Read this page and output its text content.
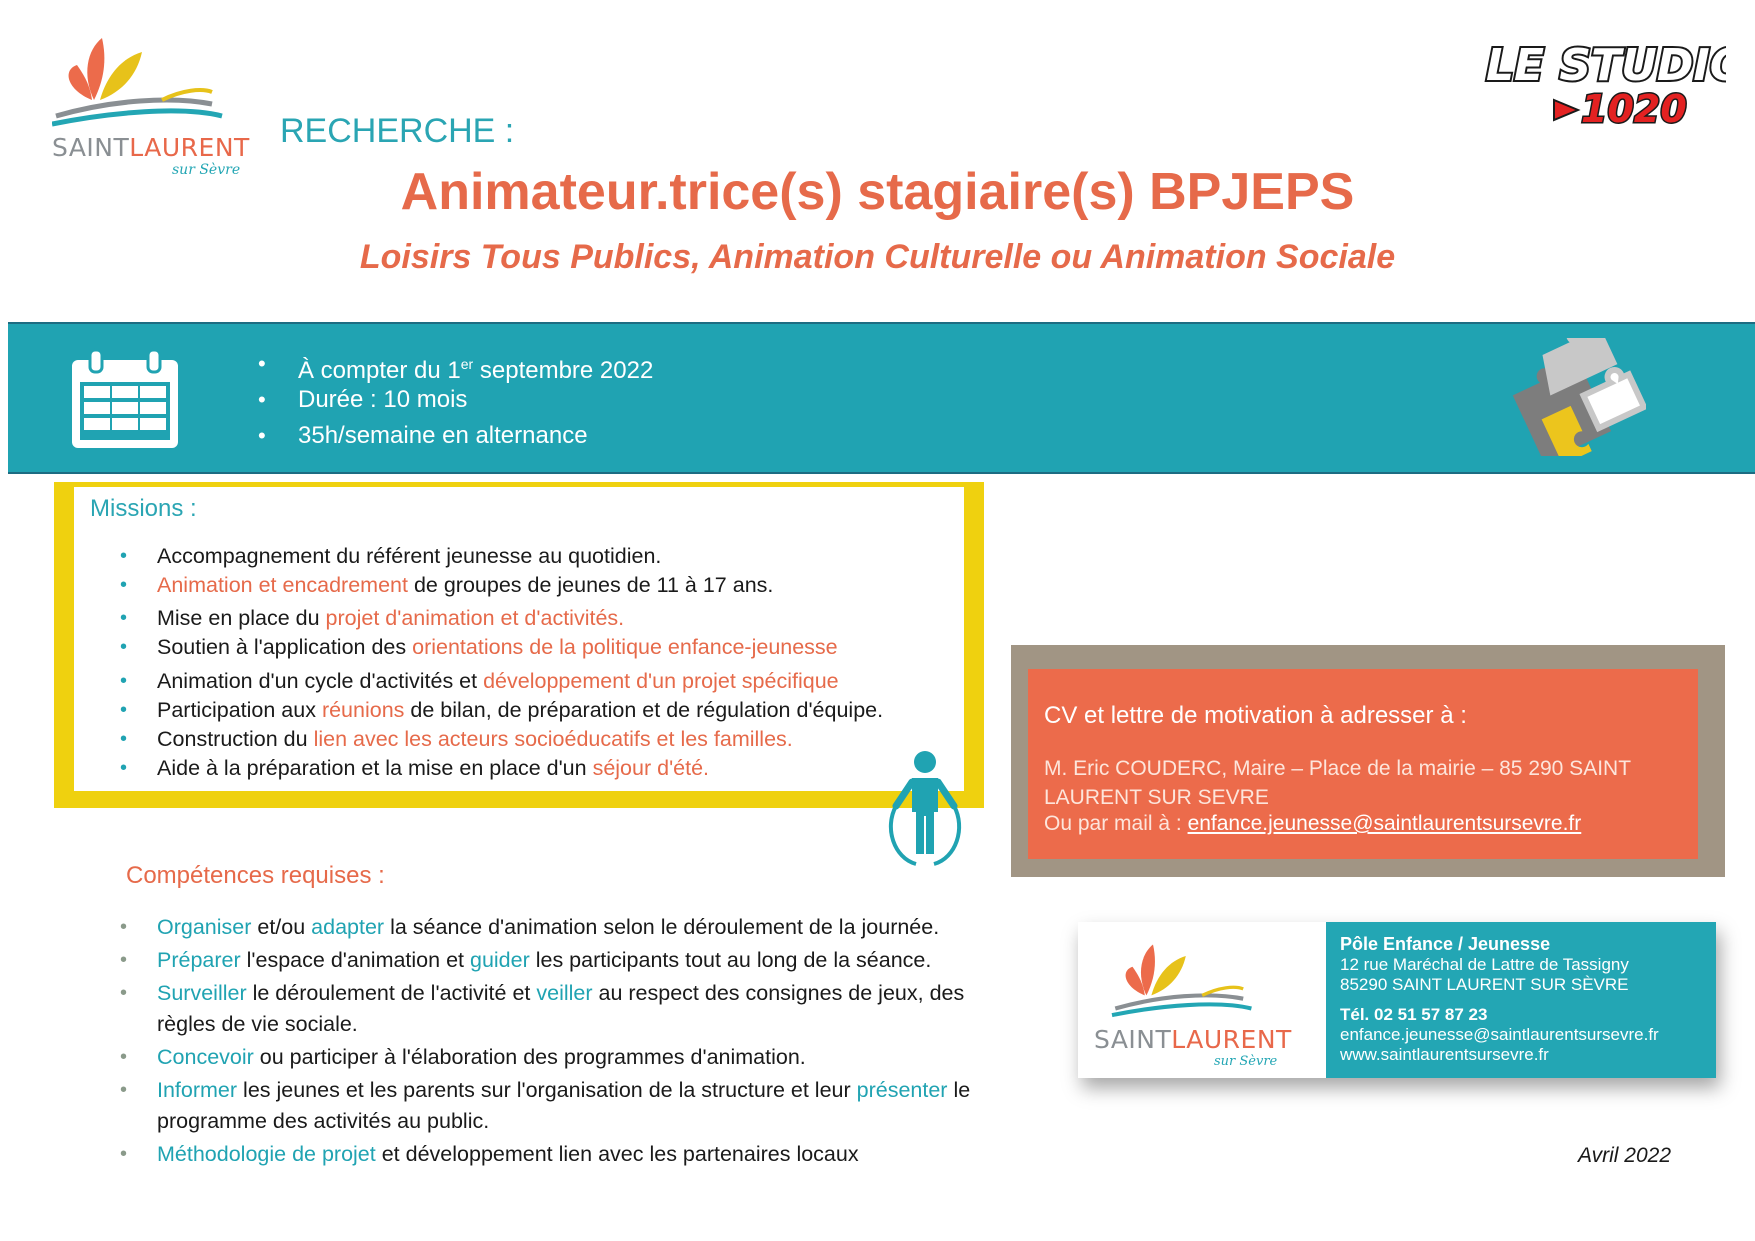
SAINTLAURENT
sur Sèvre
LE STUDIO
1020
RECHERCHE :
Animateur.trice(s) stagiaire(s) BPJEPS
Loisirs Tous Publics, Animation Culturelle ou Animation Sociale
• À compter du 1er septembre 2022
• Durée : 10 mois
• 35h/semaine en alternance
Missions :
• Accompagnement du référent jeunesse au quotidien.
• Animation et encadrement de groupes de jeunes de 11 à 17 ans.
• Mise en place du projet d'animation et d'activités.
• Soutien à l'application des orientations de la politique enfance-jeunesse
• Animation d'un cycle d'activités et développement d'un projet spécifique
• Participation aux réunions de bilan, de préparation et de régulation d'équipe.
• Construction du lien avec les acteurs socioéducatifs et les familles.
• Aide à la préparation et la mise en place d'un séjour d'été.
Compétences requises :
• Organiser et/ou adapter la séance d'animation selon le déroulement de la journée.
• Préparer l'espace d'animation et guider les participants tout au long de la séance.
• Surveiller le déroulement de l'activité et veiller au respect des consignes de jeux, des règles de vie sociale.
• Concevoir ou participer à l'élaboration des programmes d'animation.
• Informer les jeunes et les parents sur l'organisation de la structure et leur présenter le programme des activités au public.
• Méthodologie de projet et développement lien avec les partenaires locaux
CV et lettre de motivation à adresser à :
M. Eric COUDERC, Maire – Place de la mairie – 85 290 SAINT LAURENT SUR SEVRE
Ou par mail à : enfance.jeunesse@saintlaurentsursevre.fr
SAINTLAURENT
sur Sèvre
Pôle Enfance / Jeunesse
12 rue Maréchal de Lattre de Tassigny
85290 SAINT LAURENT SUR SÈVRE
Tél. 02 51 57 87 23
enfance.jeunesse@saintlaurentsursevre.fr
www.saintlaurentsursevre.fr
Avril 2022
